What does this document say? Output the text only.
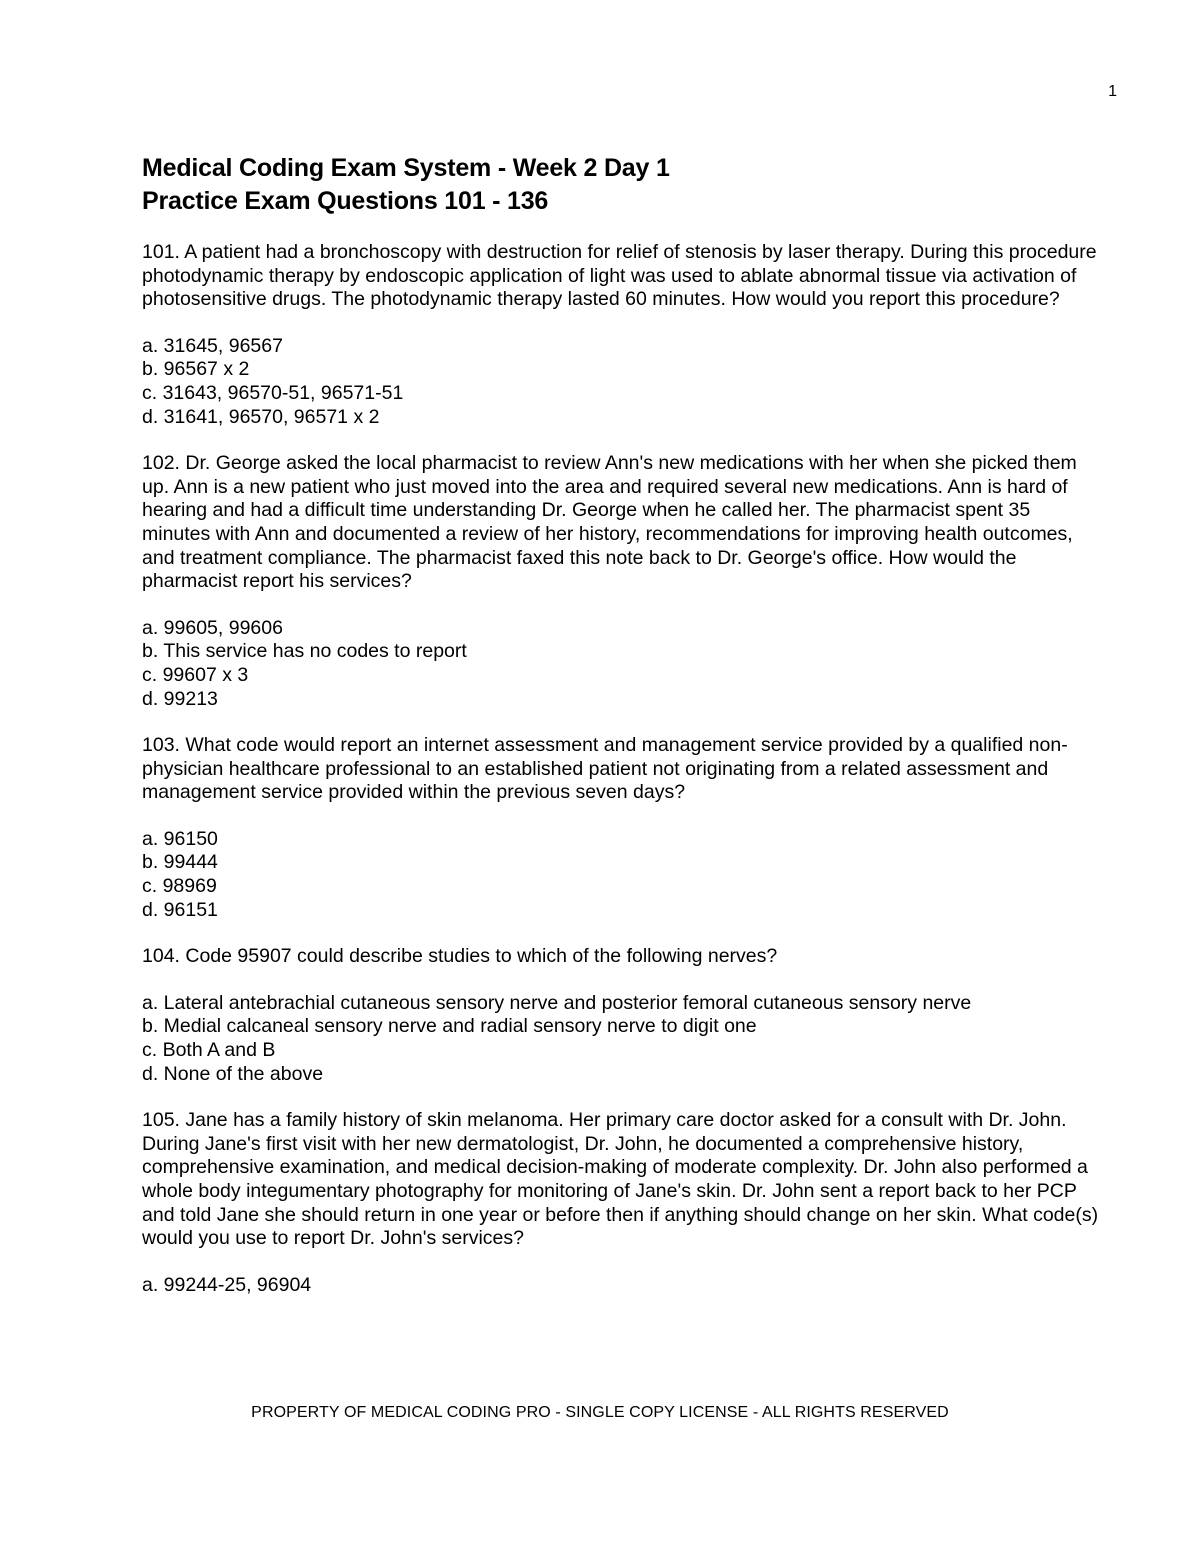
1

Medical Coding Exam System - Week 2 Day 1

Practice Exam Questions 101 - 136

101. A patient had a bronchoscopy with destruction for relief of stenosis by laser therapy. During this procedure photodynamic therapy by endoscopic application of light was used to ablate abnormal tissue via activation of photosensitive drugs. The photodynamic therapy lasted 60 minutes. How would you report this procedure?

a. 31645, 96567

b. 96567 x 2

c. 31643, 96570-51, 96571-51

d. 31641, 96570, 96571 x 2

102. Dr. George asked the local pharmacist to review Ann's new medications with her when she picked them up. Ann is a new patient who just moved into the area and required several new medications. Ann is hard of hearing and had a difficult time understanding Dr. George when he called her. The pharmacist spent 35 minutes with Ann and documented a review of her history, recommendations for improving health outcomes, and treatment compliance. The pharmacist faxed this note back to Dr. George's office. How would the pharmacist report his services?

a. 99605, 99606

b. This service has no codes to report

c. 99607 x 3

d. 99213

103. What code would report an internet assessment and management service provided by a qualified non-physician healthcare professional to an established patient not originating from a related assessment and management service provided within the previous seven days?

a. 96150

b. 99444

c. 98969

d. 96151

104. Code 95907 could describe studies to which of the following nerves?

a. Lateral antebrachial cutaneous sensory nerve and posterior femoral cutaneous sensory nerve

b. Medial calcaneal sensory nerve and radial sensory nerve to digit one

c. Both A and B

d. None of the above

105. Jane has a family history of skin melanoma. Her primary care doctor asked for a consult with Dr. John. During Jane's first visit with her new dermatologist, Dr. John, he documented a comprehensive history, comprehensive examination, and medical decision-making of moderate complexity. Dr. John also performed a whole body integumentary photography for monitoring of Jane's skin. Dr. John sent a report back to her PCP and told Jane she should return in one year or before then if anything should change on her skin. What code(s) would you use to report Dr. John's services?

a. 99244-25, 96904

PROPERTY OF MEDICAL CODING PRO - SINGLE COPY LICENSE - ALL RIGHTS RESERVED
